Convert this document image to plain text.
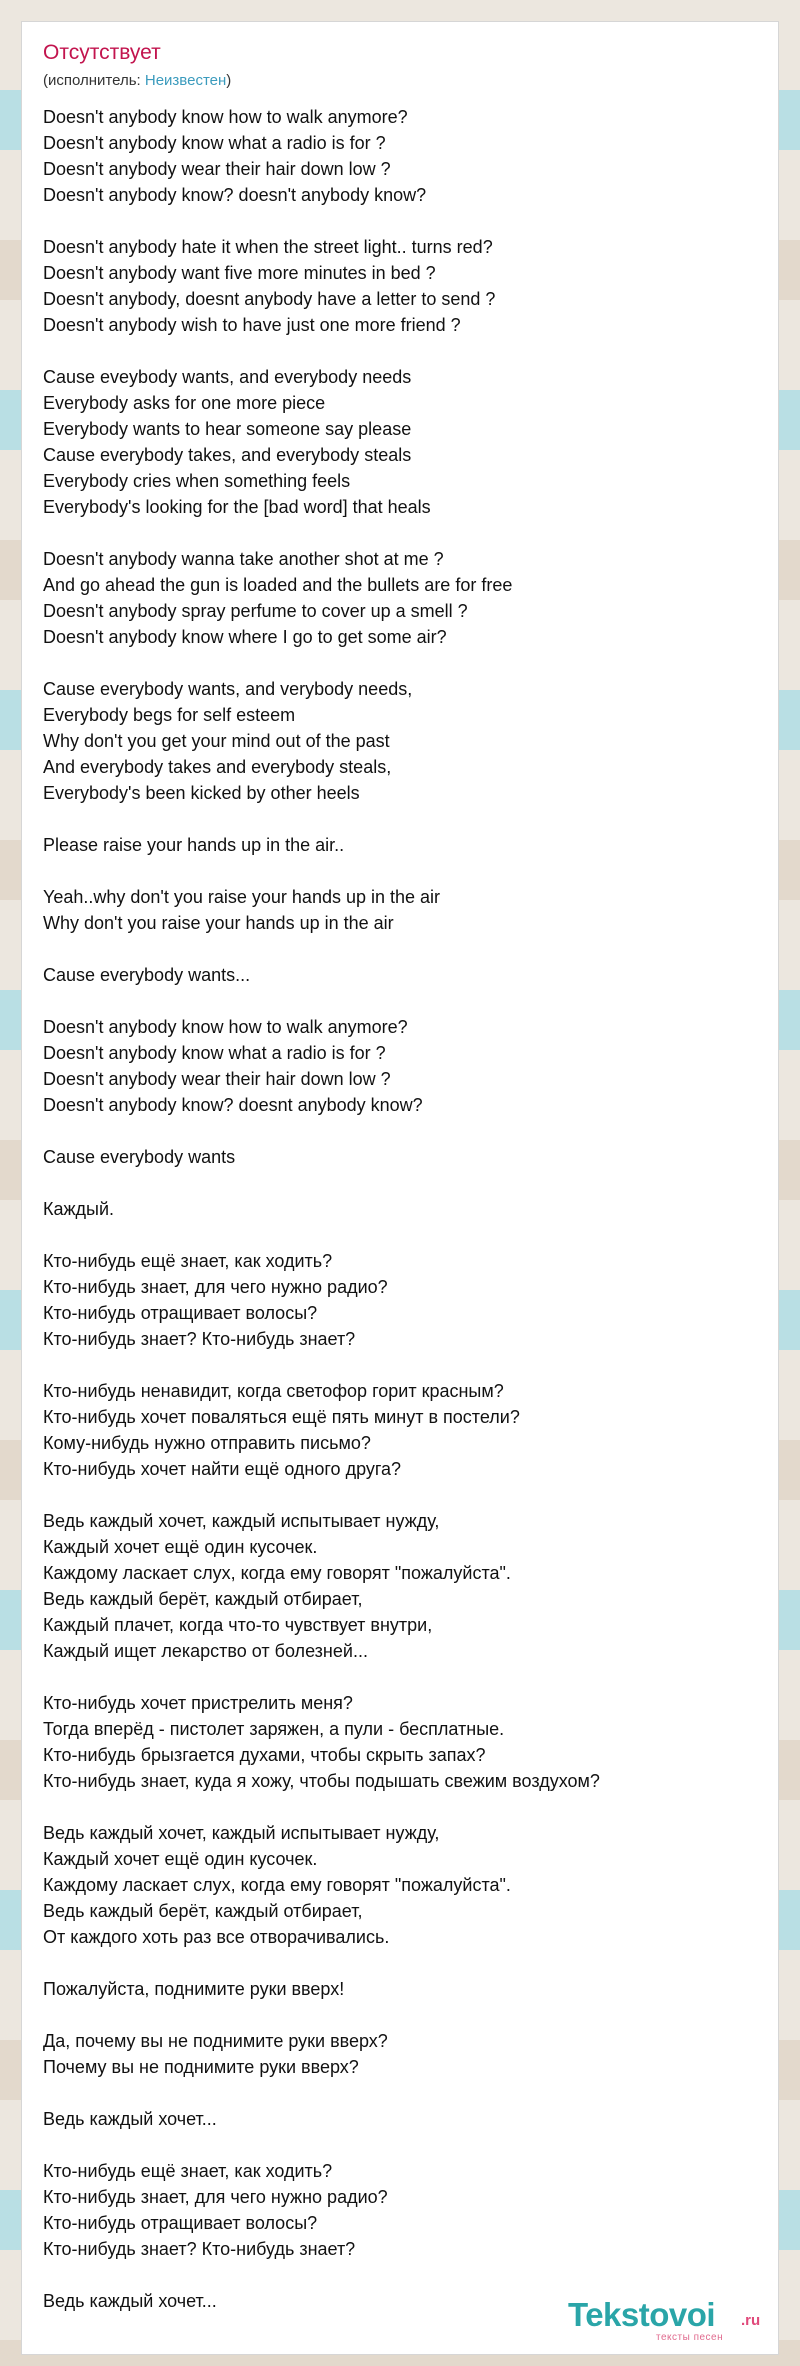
Отсутствует
(исполнитель: Неизвестен)
Doesn't anybody know how to walk anymore?
Doesn't anybody know what a radio is for ?
Doesn't anybody wear their hair down low ?
Doesn't anybody know? doesn't anybody know?
Doesn't anybody hate it when the street light.. turns red?
Doesn't anybody want five more minutes in bed ?
Doesn't anybody, doesnt anybody have a letter to send ?
Doesn't anybody wish to have just one more friend ?
Cause eveybody wants, and everybody needs
Everybody asks for one more piece
Everybody wants to hear someone say please
Cause everybody takes, and everybody steals
Everybody cries when something feels
Everybody's looking for the [bad word] that heals
Doesn't anybody wanna take another shot at me ?
And go ahead the gun is loaded and the bullets are for free
Doesn't anybody spray perfume to cover up a smell ?
Doesn't anybody know where I go to get some air?
Cause everybody wants, and verybody needs,
Everybody begs for self esteem
Why don't you get your mind out of the past
And everybody takes and everybody steals,
Everybody's been kicked by other heels
Please raise your hands up in the air..
Yeah..why don't you raise your hands up in the air
Why don't you raise your hands up in the air
Cause everybody wants...
Doesn't anybody know how to walk anymore?
Doesn't anybody know what a radio is for ?
Doesn't anybody wear their hair down low ?
Doesn't anybody know? doesnt anybody know?
Cause everybody wants
Каждый.
Кто-нибудь ещё знает, как ходить?
Кто-нибудь знает, для чего нужно радио?
Кто-нибудь отращивает волосы?
Кто-нибудь знает? Кто-нибудь знает?
Кто-нибудь ненавидит, когда светофор горит красным?
Кто-нибудь хочет поваляться ещё пять минут в постели?
Кому-нибудь нужно отправить письмо?
Кто-нибудь хочет найти ещё одного друга?
Ведь каждый хочет, каждый испытывает нужду,
Каждый хочет ещё один кусочек.
Каждому ласкает слух, когда ему говорят "пожалуйста".
Ведь каждый берёт, каждый отбирает,
Каждый плачет, когда что-то чувствует внутри,
Каждый ищет лекарство от болезней...
Кто-нибудь хочет пристрелить меня?
Тогда вперёд - пистолет заряжен, а пули - бесплатные.
Кто-нибудь брызгается духами, чтобы скрыть запах?
Кто-нибудь знает, куда я хожу, чтобы подышать свежим воздухом?
Ведь каждый хочет, каждый испытывает нужду,
Каждый хочет ещё один кусочек.
Каждому ласкает слух, когда ему говорят "пожалуйста".
Ведь каждый берёт, каждый отбирает,
От каждого хоть раз все отворачивались.
Пожалуйста, поднимите руки вверх!
Да, почему вы не поднимите руки вверх?
Почему вы не поднимите руки вверх?
Ведь каждый хочет...
Кто-нибудь ещё знает, как ходить?
Кто-нибудь знает, для чего нужно радио?
Кто-нибудь отращивает волосы?
Кто-нибудь знает? Кто-нибудь знает?
Ведь каждый хочет...	Tekstovoi .ru
тексты песен
